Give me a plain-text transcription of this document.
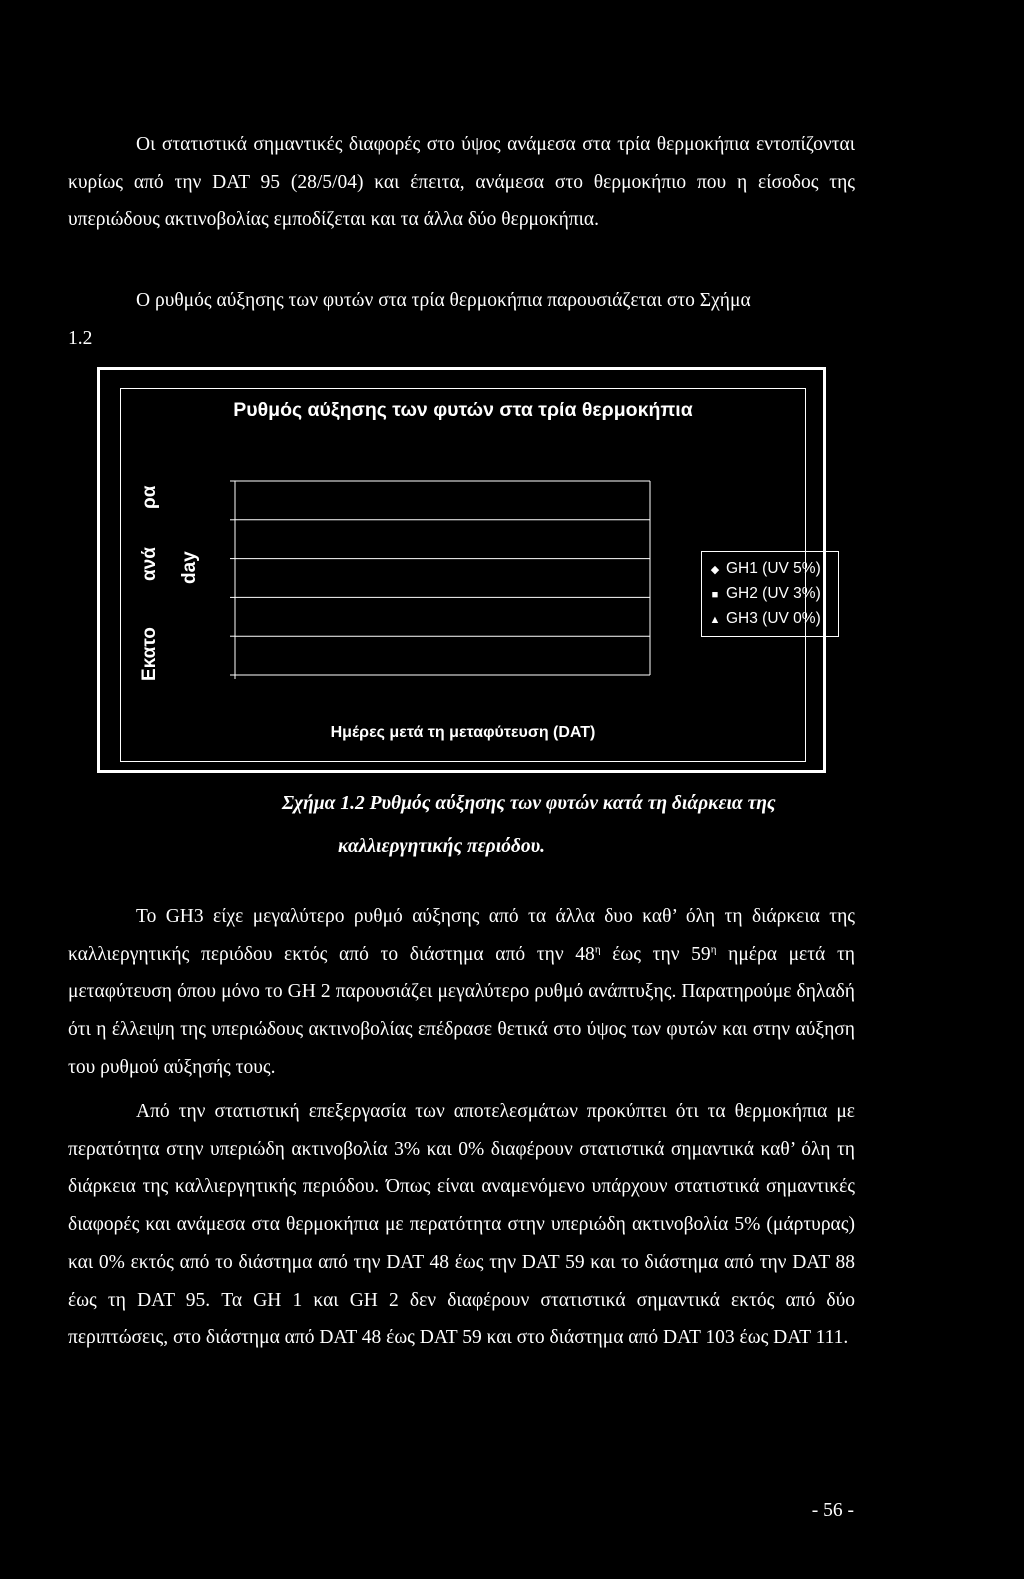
Οι στατιστικά σημαντικές διαφορές στο ύψος ανάμεσα στα τρία θερμοκήπια εντοπίζονται κυρίως από την DAT 95 (28/5/04) και έπειτα, ανάμεσα στο θερμοκήπιο που η είσοδος της υπεριώδους ακτινοβολίας εμποδίζεται και τα άλλα δύο θερμοκήπια.

Ο ρυθμός αύξησης των φυτών στα τρία θερμοκήπια παρουσιάζεται στο Σχήμα
1.2

Ρυθμός αύξησης των φυτών στα τρία θερμοκήπια
Εκατο
ανά
ρα
day	◆ GH1 (UV 5%)
■ GH2 (UV 3%)
▲ GH3 (UV 0%)
Ημέρες μετά τη μεταφύτευση (DAT)
Σχήμα 1.2 Ρυθμός αύξησης των φυτών κατά τη διάρκεια της
καλλιεργητικής περιόδου.

Το GH3 είχε μεγαλύτερο ρυθμό αύξησης από τα άλλα δυο καθ’ όλη τη διάρκεια της καλλιεργητικής περιόδου εκτός από το διάστημα από την $48^\eta$ έως την $59^\eta$ ημέρα μετά τη μεταφύτευση όπου μόνο το GH 2 παρουσιάζει μεγαλύτερο ρυθμό ανάπτυξης. Παρατηρούμε δηλαδή ότι η έλλειψη της υπεριώδους ακτινοβολίας επέδρασε θετικά στο ύψος των φυτών και στην αύξηση του ρυθμού αύξησής τους.

Από την στατιστική επεξεργασία των αποτελεσμάτων προκύπτει ότι τα θερμοκήπια με περατότητα στην υπεριώδη ακτινοβολία 3% και 0% διαφέρουν στατιστικά σημαντικά καθ’ όλη τη διάρκεια της καλλιεργητικής περιόδου. Όπως είναι αναμενόμενο υπάρχουν στατιστικά σημαντικές διαφορές και ανάμεσα στα θερμοκήπια με περατότητα στην υπεριώδη ακτινοβολία 5% (μάρτυρας) και 0% εκτός από το διάστημα από την DAT 48 έως την DAT 59 και το διάστημα από την DAT 88 έως τη DAT 95. Τα GH 1 και GH 2 δεν διαφέρουν στατιστικά σημαντικά εκτός από δύο περιπτώσεις, στο διάστημα από DAT 48 έως DAT 59 και στο διάστημα από DAT 103 έως DAT 111.

- 56 -
